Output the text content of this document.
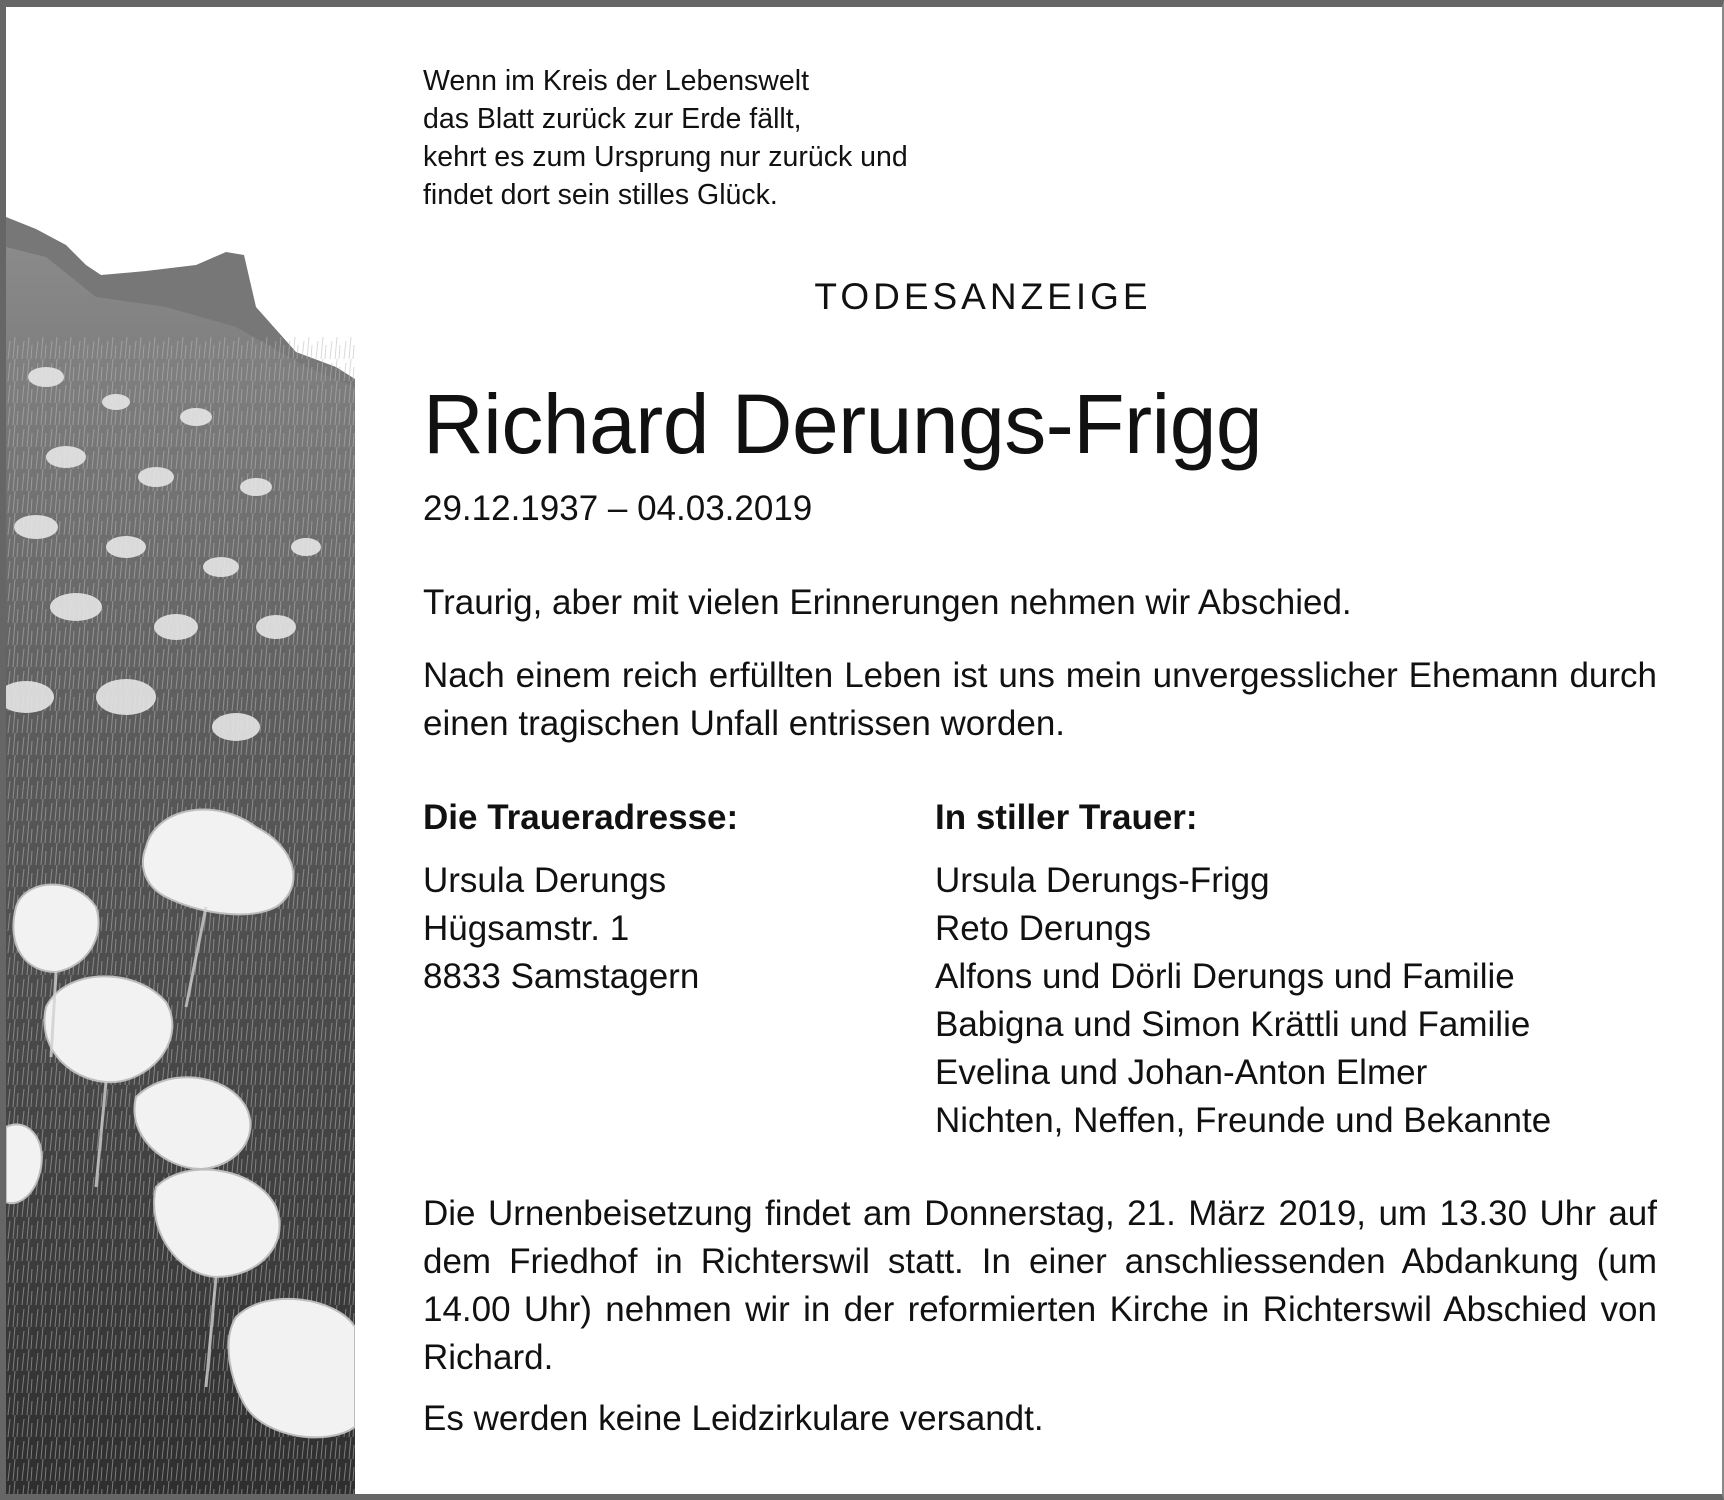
Wenn im Kreis der Lebenswelt
das Blatt zurück zur Erde fällt,
kehrt es zum Ursprung nur zurück und
findet dort sein stilles Glück.
TODESANZEIGE
Richard Derungs-Frigg
29.12.1937 – 04.03.2019
Traurig, aber mit vielen Erinnerungen nehmen wir Abschied.
Nach einem reich erfüllten Leben ist uns mein unvergesslicher Ehemann durch einen tragischen Unfall entrissen worden.
Die Traueradresse:	In stiller Trauer:
Ursula Derungs
Hügsamstr. 1
8833 Samstagern
Ursula Derungs-Frigg
Reto Derungs
Alfons und Dörli Derungs und Familie
Babigna und Simon Krättli und Familie
Evelina und Johan-Anton Elmer
Nichten, Neffen, Freunde und Bekannte
Die Urnenbeisetzung findet am Donnerstag, 21. März 2019, um 13.30 Uhr auf dem Friedhof in Richterswil statt. In einer anschliessenden Abdankung (um 14.00 Uhr) nehmen wir in der reformierten Kirche in Richterswil Abschied von Richard.
Es werden keine Leidzirkulare versandt.
